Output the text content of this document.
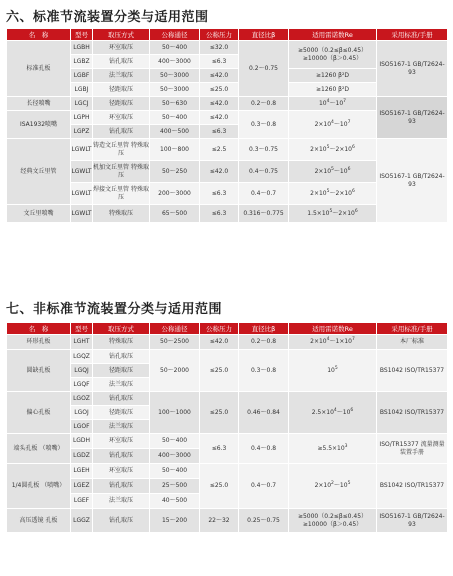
六、标准节流装置分类与适用范围
名　称	型号	取压方式	公称通径	公称压力	直径比β	适用雷诺数Re	采用标准/手册
标准孔板	LGBH	环室取压	50～400	≤32.0	0.2～0.75	≥5000（0.2≤β≤0.45）
≥10000（β＞0.45）	ISO5167-1 GB/T2624-93
	LGBZ	钻孔取压	400～3000	≤6.3			
	LGBF	法兰取压	50～3000	≤42.0		≥1260 β²D	
	LGBJ	径距取压	50～3000	≤25.0		≥1260 β²D	
长径喷嘴	LGCJ	径距取压	50～630	≤42.0	0.2～0.8	$10^4\sim 10^7$	ISO5167-1 GB/T2624-93
ISA1932喷嘴	LGPH	环室取压	50～400	≤42.0	0.3～0.8	$2\times 10^4\sim 10^7$
	LGPZ	钻孔取压	400～500	≤6.3			
经典文丘里管	LGWLT	铸造文丘里管 特殊取压	100～800	≤2.5	0.3～0.75	$2\times 10^5\sim 2\times 10^6$	ISO5167-1 GB/T2624-93
	LGWLT	机加文丘里管 特殊取压	50～250	≤42.0	0.4～0.75	$2\times 10^5\sim 10^6$
	LGWLT	焊接文丘里管 特殊取压	200～3000	≤6.3	0.4～0.7	$2\times 10^5\sim 2\times 10^6$
文丘里喷嘴	LGWLT	特殊取压	65～500	≤6.3	0.316～0.775	$1.5\times 10^5\sim 2\times 10^6$
七、非标准节流装置分类与适用范围
名　称	型号	取压方式	公称通径	公称压力	直径比β	适用雷诺数Re	采用标准/手册
环形孔板	LGHT	特殊取压	50～2500	≤42.0	0.2～0.8	$2\times 10^4\sim 1\times 10^7$	本厂标准
圆缺孔板	LGQZ	钻孔取压	50～2000	≤25.0	0.3～0.8	$10^5$	BS1042 ISO/TR15377
	LGQJ	径距取压					
	LGQF	法兰取压					
偏心孔板	LGOZ	钻孔取压	100～1000	≤25.0	0.46～0.84	$2.5\times 10^4\sim 10^6$	BS1042 ISO/TR15377
	LGOJ	径距取压					
	LGOF	法兰取压					
端头孔板 （喷嘴）	LGDH	环室取压	50～400	≤6.3	0.4～0.8	$\ge 5.5\times 10^3$	ISO/TR15377 流量测量装置手册
	LGDZ	钻孔取压	400～3000				
1/4圆孔板 （喷嘴）	LGEH	环室取压	50～400	≤25.0	0.4～0.7	$2\times 10^2\sim 10^5$	BS1042 ISO/TR15377
	LGEZ	钻孔取压	25～500				
	LGEF	法兰取压	40～500				
高压透镜 孔板	LGGZ	钻孔取压	15～200	22～32	0.25～0.75	≥5000（0.2≤β≤0.45）
≥10000（β＞0.45）	ISO5167-1 GB/T2624-93
